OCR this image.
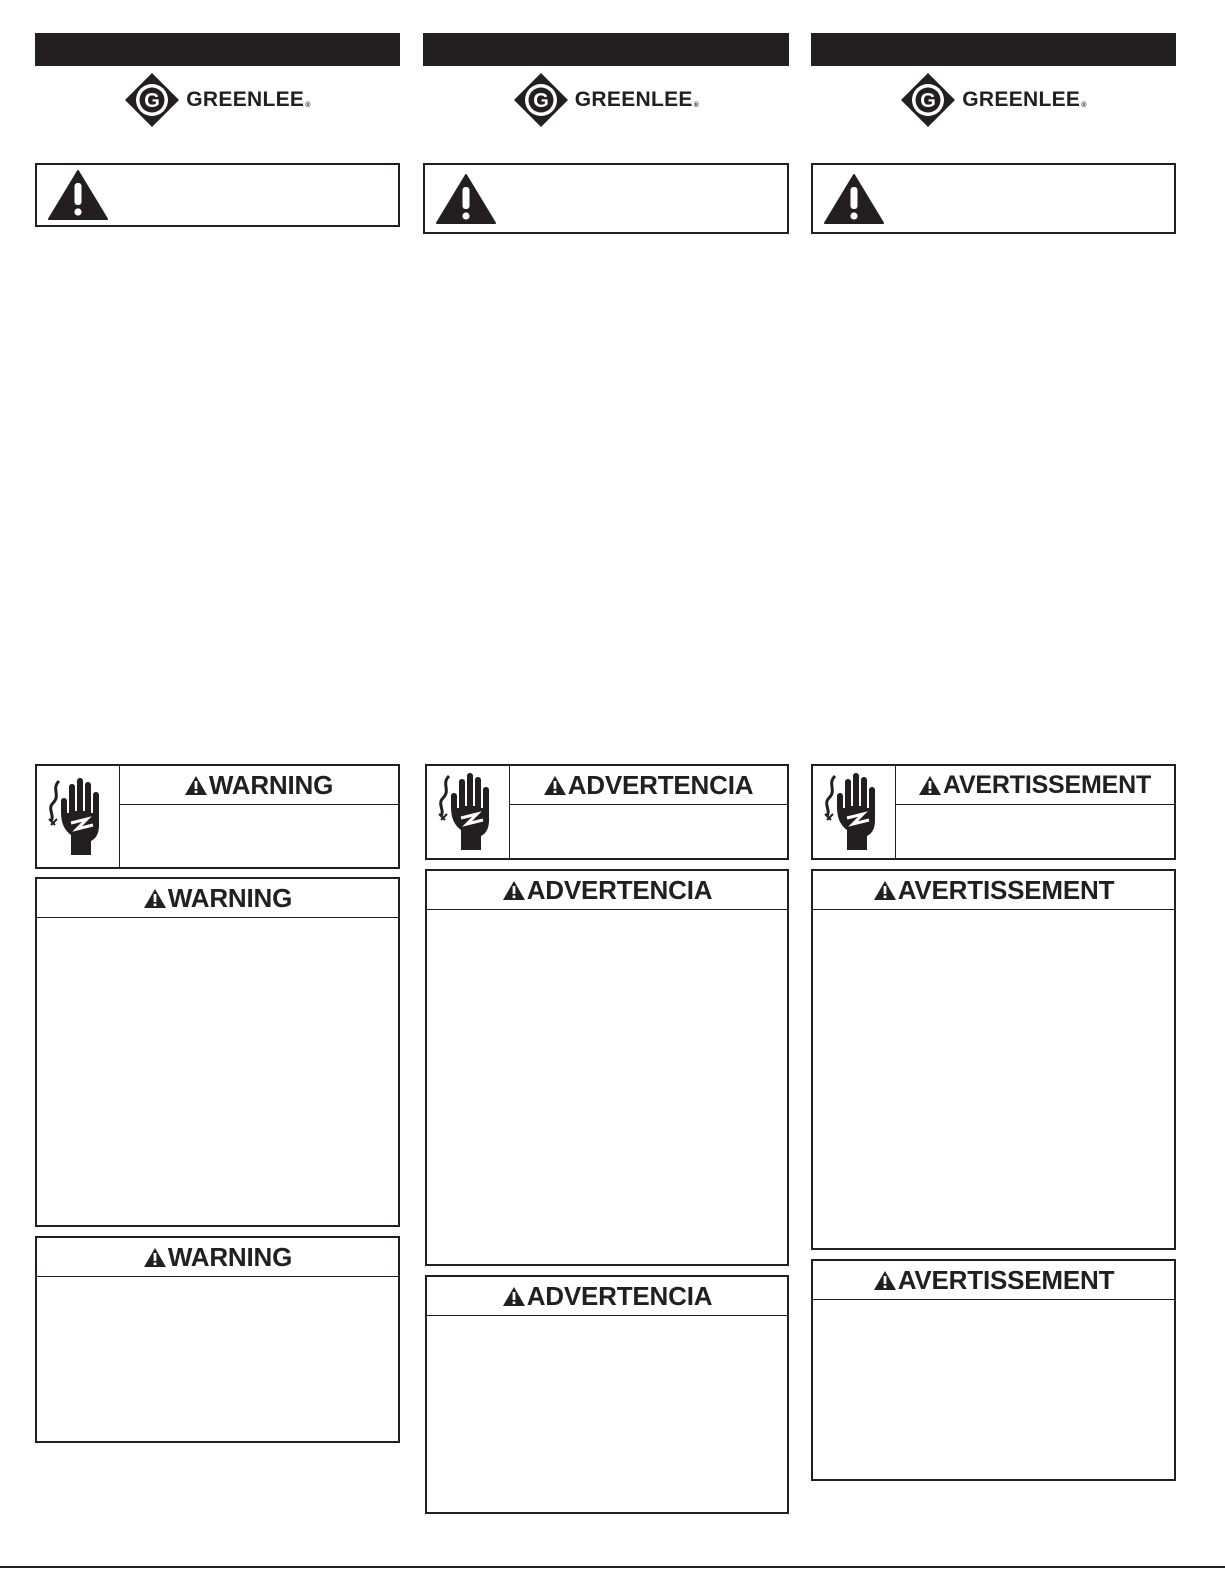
G GREENLEE®
WARNING
WARNING
WARNING
G GREENLEE®
ADVERTENCIA
ADVERTENCIA
ADVERTENCIA
G GREENLEE®
AVERTISSEMENT
AVERTISSEMENT
AVERTISSEMENT
